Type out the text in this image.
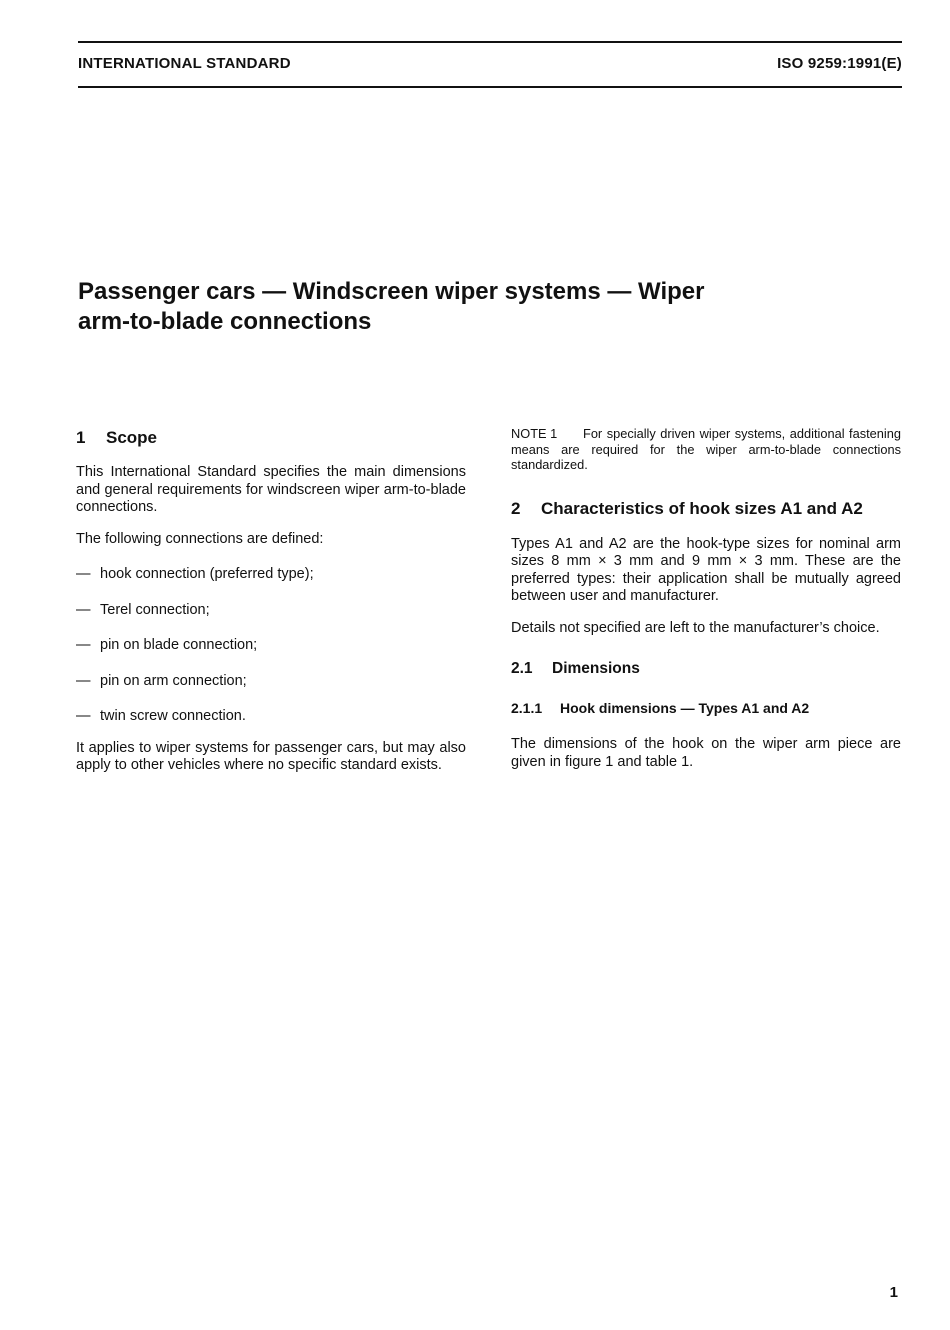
INTERNATIONAL STANDARD	ISO 9259:1991(E)
Passenger cars — Windscreen wiper systems — Wiper
arm-to-blade connections
1 Scope

This International Standard specifies the main dimensions and general requirements for windscreen wiper arm-to-blade connections.

The following connections are defined:

— hook connection (preferred type);
— Terel connection;
— pin on blade connection;
— pin on arm connection;
— twin screw connection.

It applies to wiper systems for passenger cars, but may also apply to other vehicles where no specific standard exists.

NOTE 1 For specially driven wiper systems, additional fastening means are required for the wiper arm-to-blade connections standardized.

2 Characteristics of hook sizes A1 and A2

Types A1 and A2 are the hook-type sizes for nominal arm sizes 8 mm × 3 mm and 9 mm × 3 mm. These are the preferred types: their application shall be mutually agreed between user and manufacturer.

Details not specified are left to the manufacturer’s choice.

2.1 Dimensions
2.1.1 Hook dimensions — Types A1 and A2

The dimensions of the hook on the wiper arm piece are given in figure 1 and table 1.

1
